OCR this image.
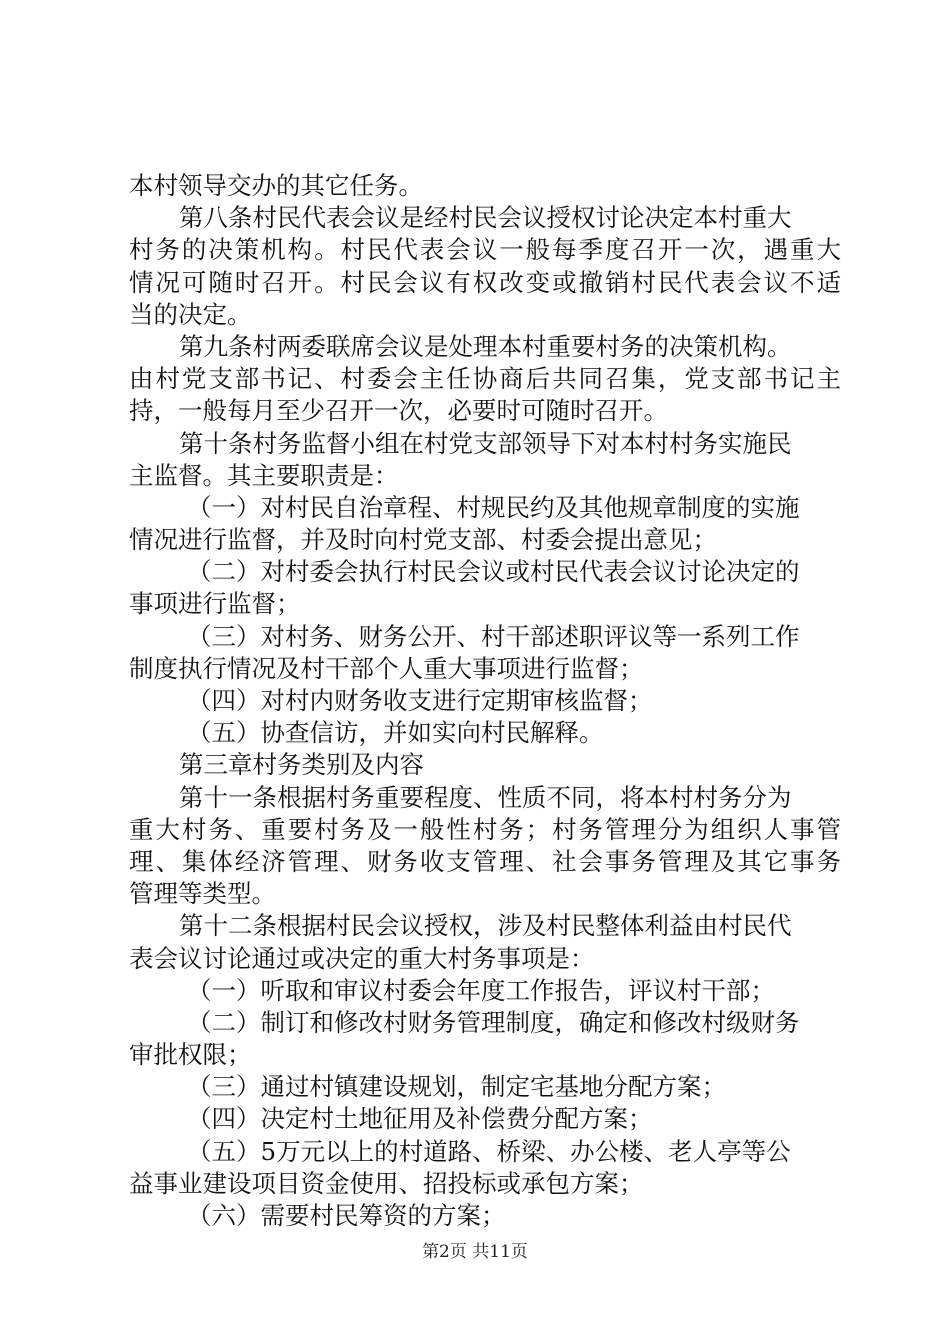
本村领导交办的其它任务。
第八条村民代表会议是经村民会议授权讨论决定本村重大
村务的决策机构。村民代表会议一般每季度召开一次，遇重大
情况可随时召开。村民会议有权改变或撤销村民代表会议不适
当的决定。
第九条村两委联席会议是处理本村重要村务的决策机构。
由村党支部书记、村委会主任协商后共同召集，党支部书记主
持，一般每月至少召开一次，必要时可随时召开。
第十条村务监督小组在村党支部领导下对本村村务实施民
主监督。其主要职责是：
（一）对村民自治章程、村规民约及其他规章制度的实施
情况进行监督，并及时向村党支部、村委会提出意见；
（二）对村委会执行村民会议或村民代表会议讨论决定的
事项进行监督；
（三）对村务、财务公开、村干部述职评议等一系列工作
制度执行情况及村干部个人重大事项进行监督；
（四）对村内财务收支进行定期审核监督；
（五）协查信访，并如实向村民解释。
第三章村务类别及内容
第十一条根据村务重要程度、性质不同，将本村村务分为
重大村务、重要村务及一般性村务；村务管理分为组织人事管
理、集体经济管理、财务收支管理、社会事务管理及其它事务
管理等类型。
第十二条根据村民会议授权，涉及村民整体利益由村民代
表会议讨论通过或决定的重大村务事项是：
（一）听取和审议村委会年度工作报告，评议村干部；
（二）制订和修改村财务管理制度，确定和修改村级财务
审批权限；
（三）通过村镇建设规划，制定宅基地分配方案；
（四）决定村土地征用及补偿费分配方案；
（五）5万元以上的村道路、桥梁、办公楼、老人亭等公
益事业建设项目资金使用、招投标或承包方案；
（六）需要村民筹资的方案；
第2页 共11页
